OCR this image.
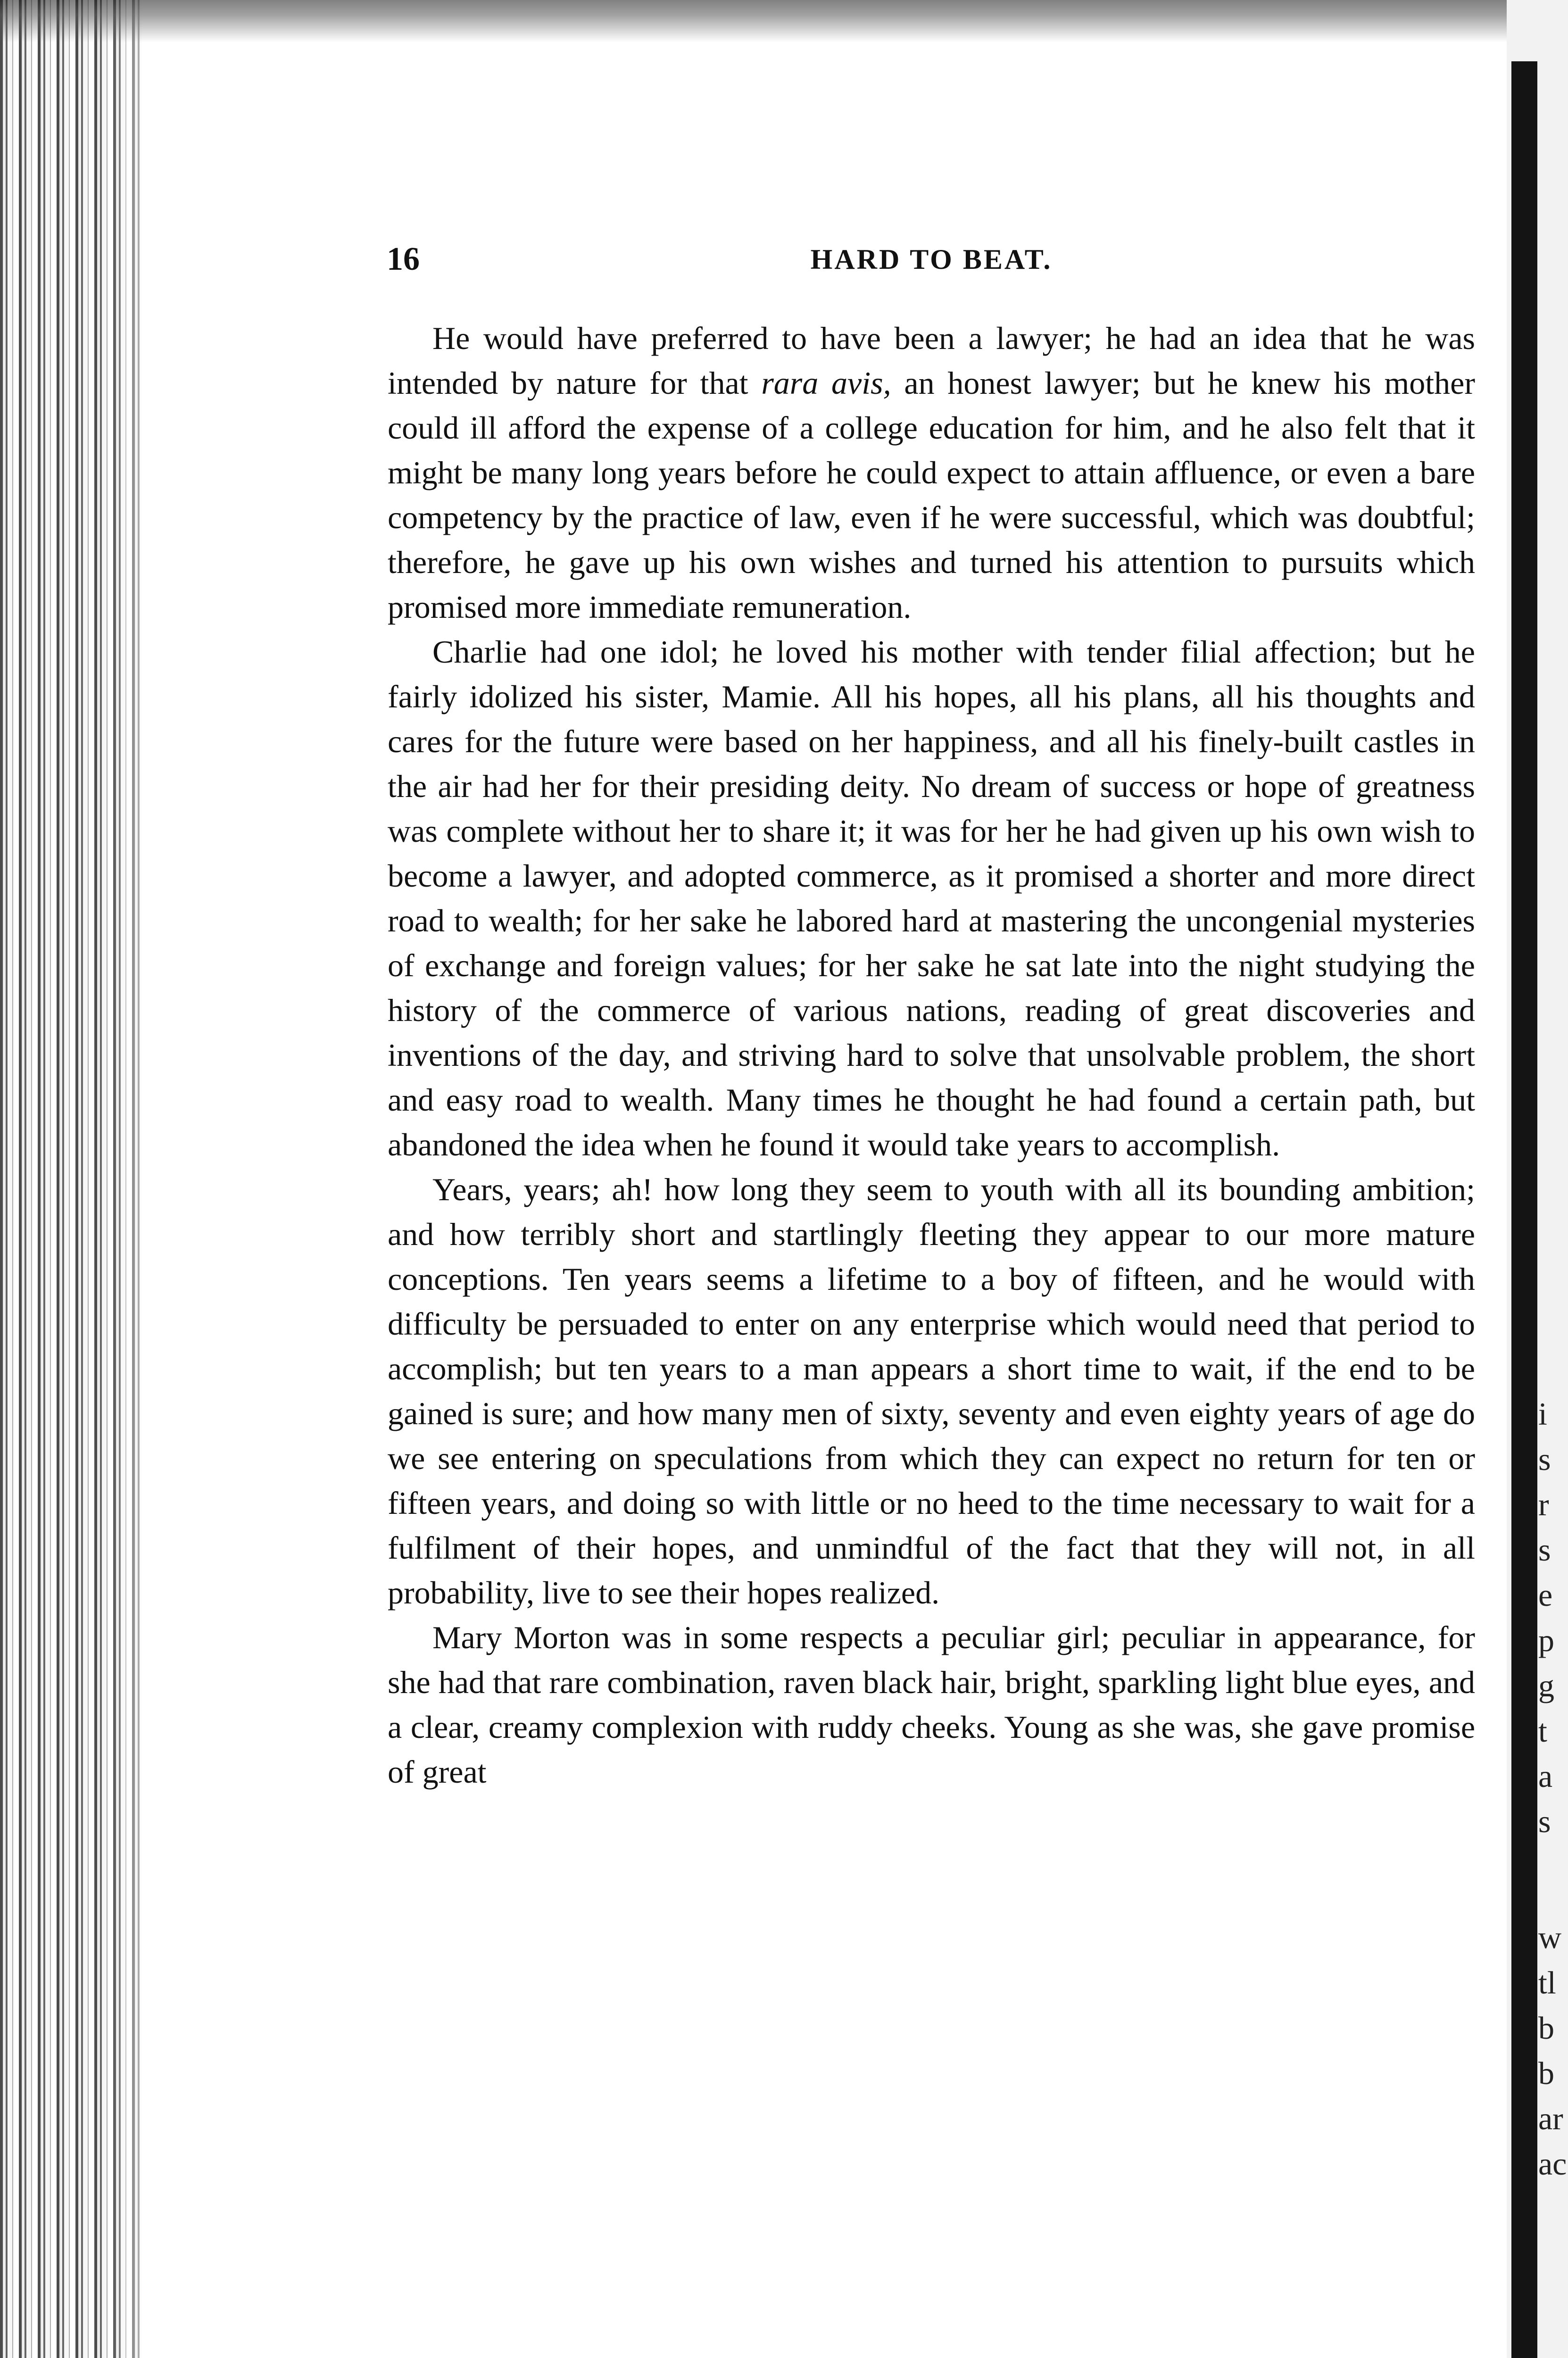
i
s
r
s
e
p
g
t
a
s
w
tl
b
b
ar
ac
16	HARD TO BEAT.

He would have preferred to have been a lawyer; he had an idea that he was intended by nature for that rara avis, an honest lawyer; but he knew his mother could ill afford the expense of a college education for him, and he also felt that it might be many long years before he could expect to attain affluence, or even a bare competency by the practice of law, even if he were successful, which was doubtful; therefore, he gave up his own wishes and turned his attention to pursuits which promised more immediate remuneration.

Charlie had one idol; he loved his mother with tender filial affection; but he fairly idolized his sister, Mamie. All his hopes, all his plans, all his thoughts and cares for the future were based on her happiness, and all his finely-built castles in the air had her for their presiding deity. No dream of success or hope of greatness was complete without her to share it; it was for her he had given up his own wish to become a lawyer, and adopted commerce, as it promised a shorter and more direct road to wealth; for her sake he labored hard at mastering the uncongenial mysteries of exchange and foreign values; for her sake he sat late into the night studying the history of the commerce of various nations, reading of great discoveries and inventions of the day, and striving hard to solve that unsolvable problem, the short and easy road to wealth. Many times he thought he had found a certain path, but abandoned the idea when he found it would take years to accomplish.

Years, years; ah! how long they seem to youth with all its bounding ambition; and how terribly short and startlingly fleeting they appear to our more mature conceptions. Ten years seems a lifetime to a boy of fifteen, and he would with difficulty be persuaded to enter on any enterprise which would need that period to accomplish; but ten years to a man appears a short time to wait, if the end to be gained is sure; and how many men of sixty, seventy and even eighty years of age do we see entering on speculations from which they can expect no return for ten or fifteen years, and doing so with little or no heed to the time necessary to wait for a fulfilment of their hopes, and unmindful of the fact that they will not, in all probability, live to see their hopes realized.

Mary Morton was in some respects a peculiar girl; peculiar in appearance, for she had that rare combination, raven black hair, bright, sparkling light blue eyes, and a clear, creamy complexion with ruddy cheeks. Young as she was, she gave promise of great
